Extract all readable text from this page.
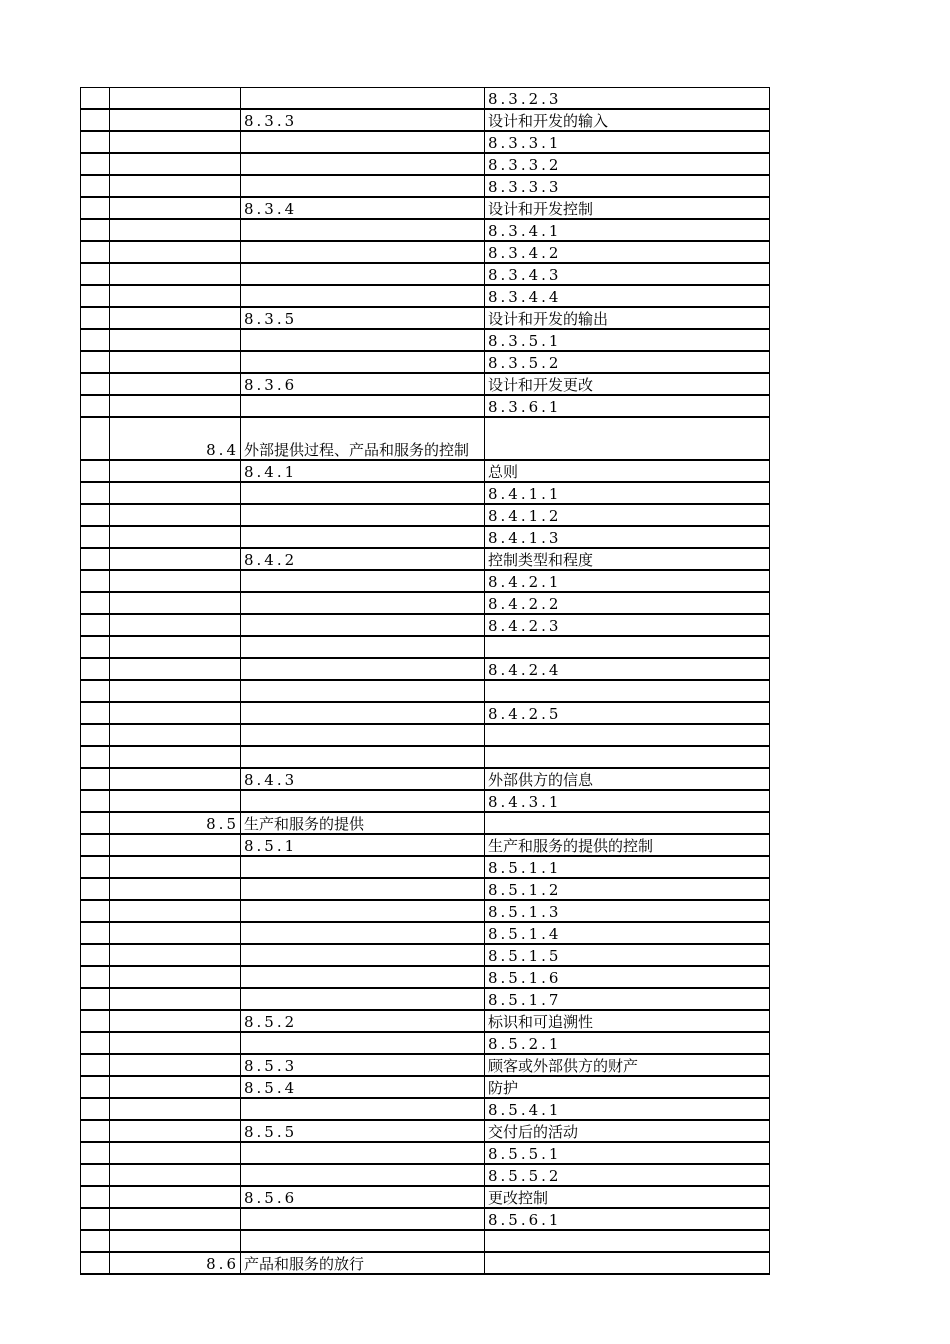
			8.3.2.3
		8.3.3	设计和开发的输入
			8.3.3.1
			8.3.3.2
			8.3.3.3
		8.3.4	设计和开发控制
			8.3.4.1
			8.3.4.2
			8.3.4.3
			8.3.4.4
		8.3.5	设计和开发的输出
			8.3.5.1
			8.3.5.2
		8.3.6	设计和开发更改
			8.3.6.1
	8.4	外部提供过程、产品和服务的控制	
		8.4.1	总则
			8.4.1.1
			8.4.1.2
			8.4.1.3
		8.4.2	控制类型和程度
			8.4.2.1
			8.4.2.2
			8.4.2.3

			8.4.2.4

			8.4.2.5

		8.4.3	外部供方的信息
			8.4.3.1
	8.5	生产和服务的提供	
		8.5.1	生产和服务的提供的控制
			8.5.1.1
			8.5.1.2
			8.5.1.3
			8.5.1.4
			8.5.1.5
			8.5.1.6
			8.5.1.7
		8.5.2	标识和可追溯性
			8.5.2.1
		8.5.3	顾客或外部供方的财产
		8.5.4	防护
			8.5.4.1
		8.5.5	交付后的活动
			8.5.5.1
			8.5.5.2
		8.5.6	更改控制
			8.5.6.1

	8.6	产品和服务的放行	
